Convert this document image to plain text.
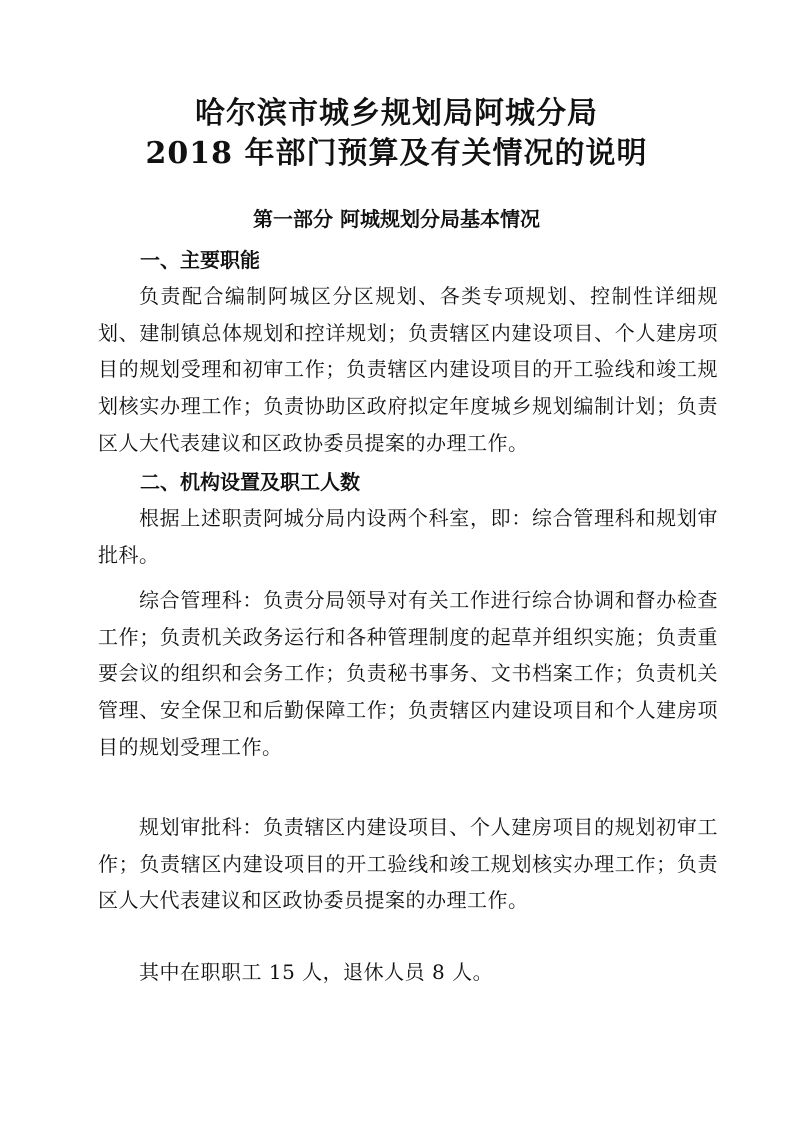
哈尔滨市城乡规划局阿城分局
2018 年部门预算及有关情况的说明
第一部分 阿城规划分局基本情况
一、主要职能
负责配合编制阿城区分区规划、各类专项规划、控制性详细规划、建制镇总体规划和控详规划；负责辖区内建设项目、个人建房项目的规划受理和初审工作；负责辖区内建设项目的开工验线和竣工规划核实办理工作；负责协助区政府拟定年度城乡规划编制计划；负责区人大代表建议和区政协委员提案的办理工作。
二、机构设置及职工人数
根据上述职责阿城分局内设两个科室，即：综合管理科和规划审批科。
综合管理科：负责分局领导对有关工作进行综合协调和督办检查工作；负责机关政务运行和各种管理制度的起草并组织实施；负责重要会议的组织和会务工作；负责秘书事务、文书档案工作；负责机关管理、安全保卫和后勤保障工作；负责辖区内建设项目和个人建房项目的规划受理工作。
规划审批科：负责辖区内建设项目、个人建房项目的规划初审工作；负责辖区内建设项目的开工验线和竣工规划核实办理工作；负责区人大代表建议和区政协委员提案的办理工作。
其中在职职工 15 人，退休人员 8 人。
